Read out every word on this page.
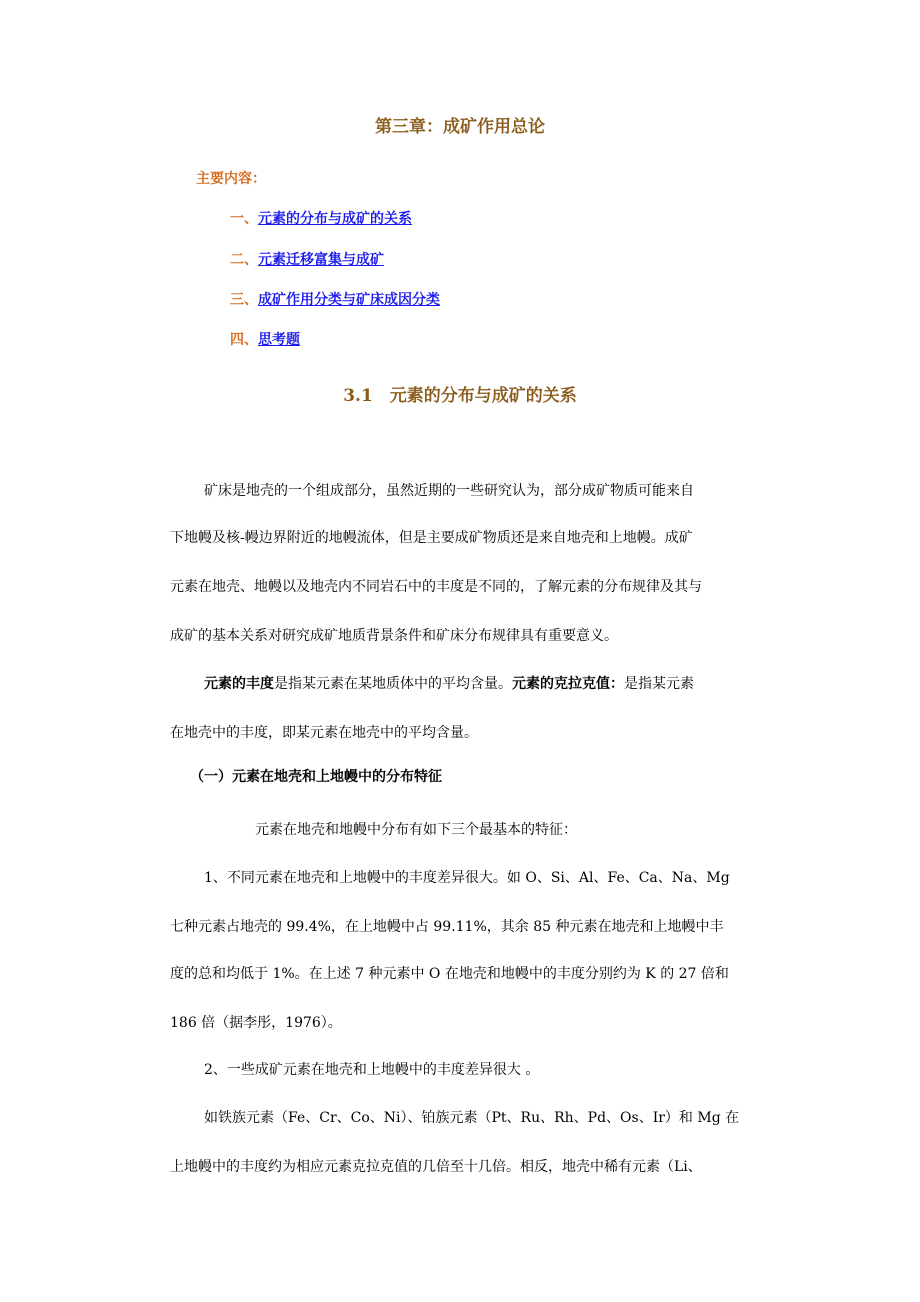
第三章：成矿作用总论
主要内容：
一、元素的分布与成矿的关系
二、元素迁移富集与成矿
三、成矿作用分类与矿床成因分类
四、思考题
3.1　元素的分布与成矿的关系
矿床是地壳的一个组成部分，虽然近期的一些研究认为，部分成矿物质可能来自
下地幔及核-幔边界附近的地幔流体，但是主要成矿物质还是来自地壳和上地幔。成矿
元素在地壳、地幔以及地壳内不同岩石中的丰度是不同的，了解元素的分布规律及其与
成矿的基本关系对研究成矿地质背景条件和矿床分布规律具有重要意义。
元素的丰度是指某元素在某地质体中的平均含量。元素的克拉克值：是指某元素
在地壳中的丰度，即某元素在地壳中的平均含量。
（一）元素在地壳和上地幔中的分布特征
元素在地壳和地幔中分布有如下三个最基本的特征：
1、不同元素在地壳和上地幔中的丰度差异很大。如 O、Si、Al、Fe、Ca、Na、Mg
七种元素占地壳的 99.4%，在上地幔中占 99.11%，其余 85 种元素在地壳和上地幔中丰
度的总和均低于 1%。在上述 7 种元素中 O 在地壳和地幔中的丰度分别约为 K 的 27 倍和
186 倍（据李彤，1976）。
2、一些成矿元素在地壳和上地幔中的丰度差异很大 。
如铁族元素（Fe、Cr、Co、Ni）、铂族元素（Pt、Ru、Rh、Pd、Os、Ir）和 Mg 在
上地幔中的丰度约为相应元素克拉克值的几倍至十几倍。相反，地壳中稀有元素（Li、
